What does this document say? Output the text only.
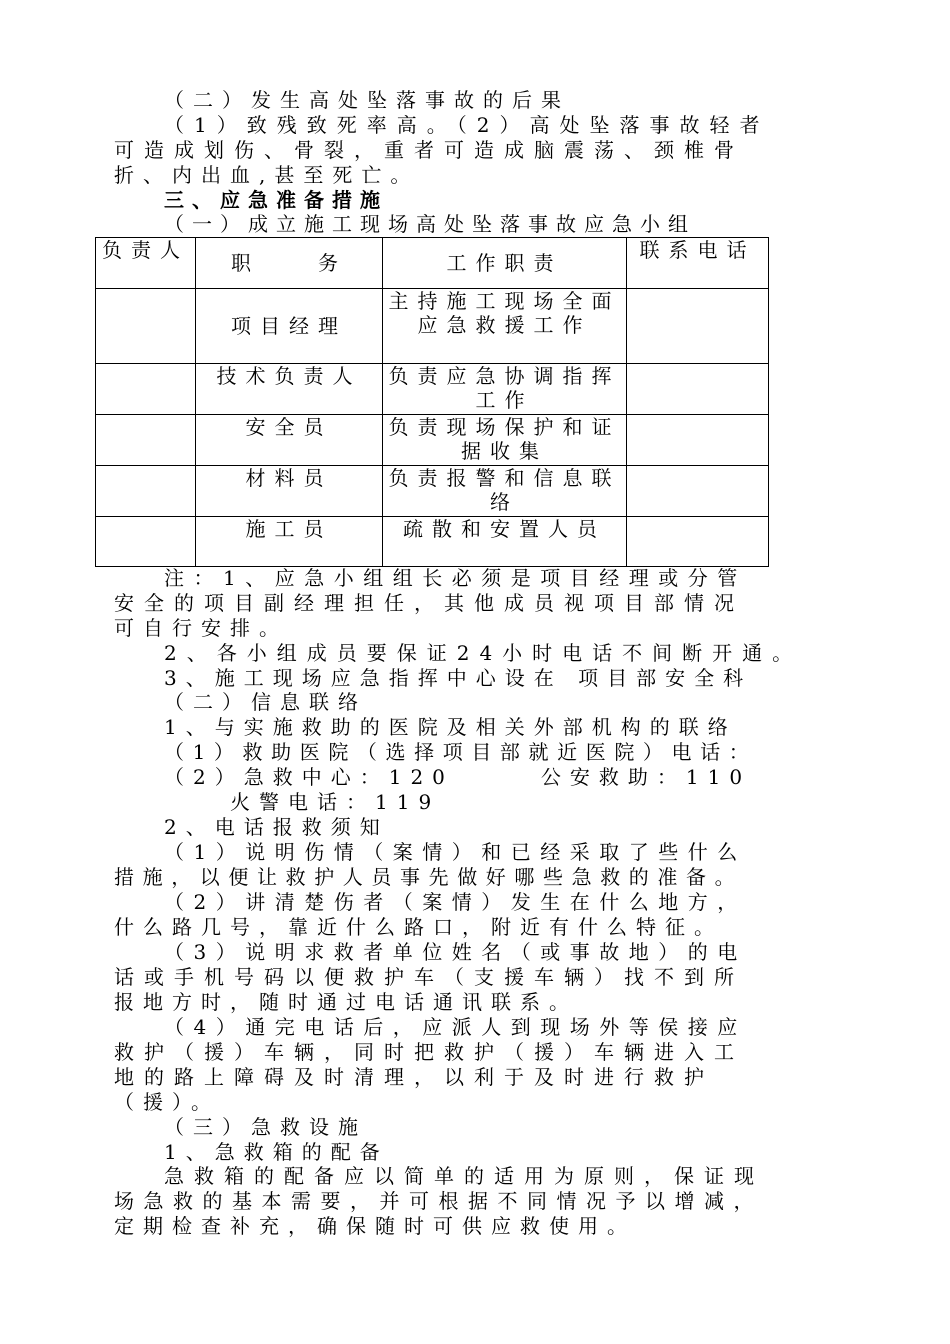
（二）发生高处坠落事故的后果
（1）致残致死率高。（2）高处坠落事故轻者
可造成划伤、骨裂，重者可造成脑震荡、颈椎骨
折、内出血,甚至死亡。
三、应急准备措施
（一）成立施工现场高处坠落事故应急小组
负责人	职　　务	工作职责	联系电话
	项目经理	主持施工现场全面应急救援工作	
	技术负责人	负责应急协调指挥工作	
	安全员	负责现场保护和证据收集	
	材料员	负责报警和信息联络	
	施工员	疏散和安置人员	
注：1、应急小组组长必须是项目经理或分管
安全的项目副经理担任，其他成员视项目部情况
可自行安排。
2、各小组成员要保证24小时电话不间断开通。
3、施工现场应急指挥中心设在 项目部安全科
（二）信息联络
1、与实施救助的医院及相关外部机构的联络
（1）救助医院（选择项目部就近医院）电话：
（2）急救中心：120　　　公安救助：110
火警电话：119
2、电话报救须知
（1）说明伤情（案情）和已经采取了些什么
措施，以便让救护人员事先做好哪些急救的准备。
（2）讲清楚伤者（案情）发生在什么地方，
什么路几号，靠近什么路口，附近有什么特征。
（3）说明求救者单位姓名（或事故地）的电
话或手机号码以便救护车（支援车辆）找不到所
报地方时，随时通过电话通讯联系。
（4）通完电话后，应派人到现场外等侯接应
救护（援）车辆，同时把救护（援）车辆进入工
地的路上障碍及时清理，以利于及时进行救护
（援）。
（三）急救设施
1、急救箱的配备
急救箱的配备应以简单的适用为原则，保证现
场急救的基本需要，并可根据不同情况予以增减，
定期检查补充，确保随时可供应救使用。
